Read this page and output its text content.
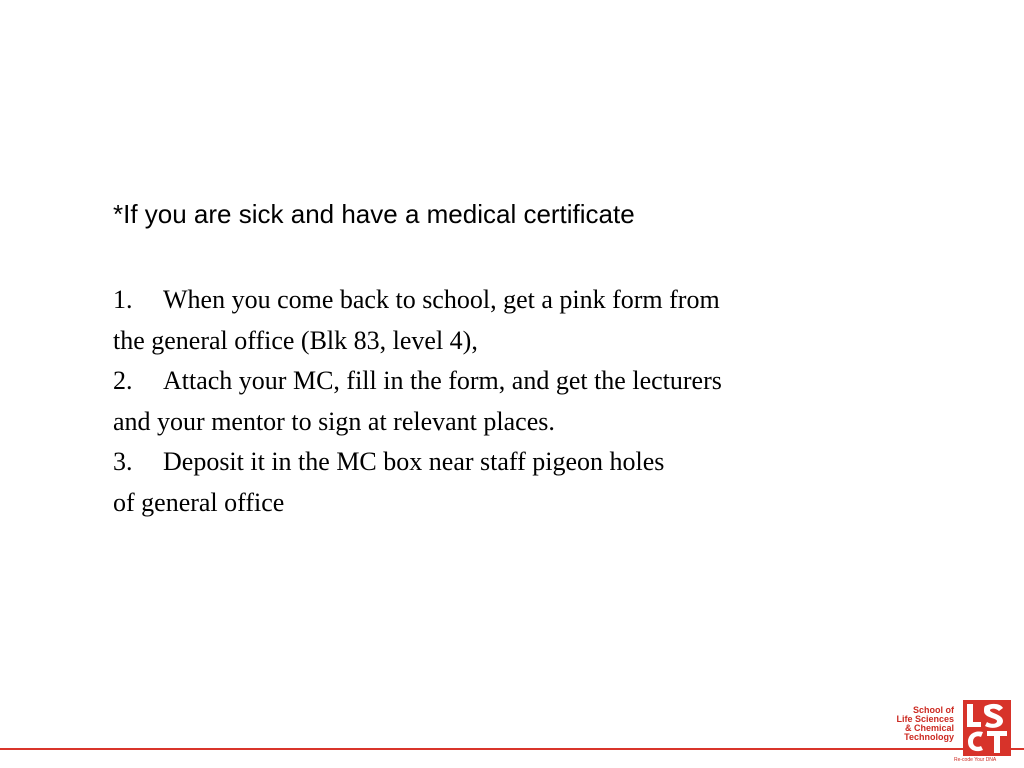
*If you are sick and have a medical certificate
1. When you come back to school, get a pink form from
the general office (Blk 83, level 4),
2. Attach your MC, fill in the form, and get the lecturers
and your mentor to sign at relevant places.
3. Deposit it in the MC box near staff pigeon holes
of general office
School of
Life Sciences
& Chemical
Technology
Re-code Your DNA
